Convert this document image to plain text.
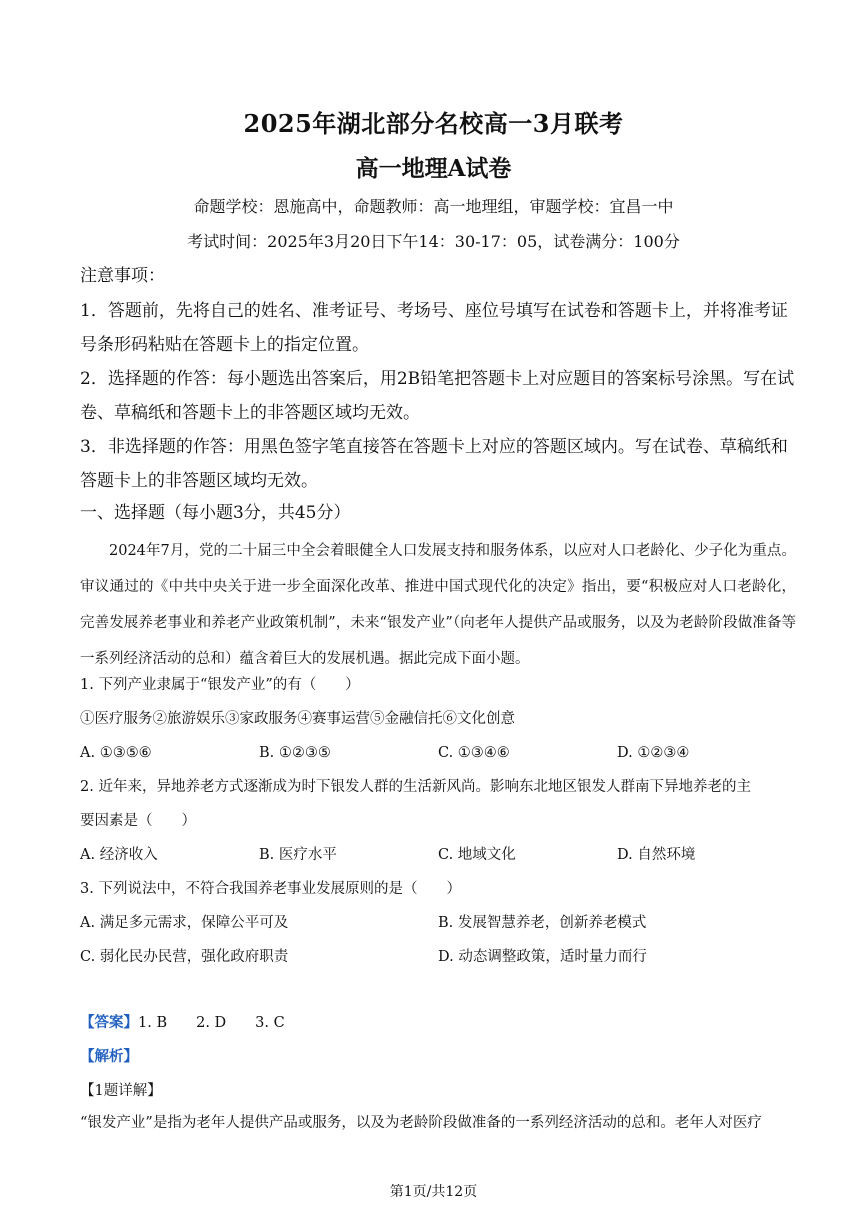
2025年湖北部分名校高一3月联考
高一地理A试卷
命题学校：恩施高中，命题教师：高一地理组，审题学校：宜昌一中
考试时间：2025年3月20日下午14：30-17：05，试卷满分：100分
注意事项：
1．答题前，先将自己的姓名、准考证号、考场号、座位号填写在试卷和答题卡上，并将准考证号条形码粘贴在答题卡上的指定位置。
2．选择题的作答：每小题选出答案后，用2B铅笔把答题卡上对应题目的答案标号涂黑。写在试卷、草稿纸和答题卡上的非答题区域均无效。
3．非选择题的作答：用黑色签字笔直接答在答题卡上对应的答题区域内。写在试卷、草稿纸和答题卡上的非答题区域均无效。
一、选择题（每小题3分，共45分）
2024年7月，党的二十届三中全会着眼健全人口发展支持和服务体系，以应对人口老龄化、少子化为重点。审议通过的《中共中央关于进一步全面深化改革、推进中国式现代化的决定》指出，要“积极应对人口老龄化，完善发展养老事业和养老产业政策机制”，未来“银发产业”（向老年人提供产品或服务，以及为老龄阶段做准备等一系列经济活动的总和）蕴含着巨大的发展机遇。据此完成下面小题。
1. 下列产业隶属于“银发产业”的有（　　）
①医疗服务②旅游娱乐③家政服务④赛事运营⑤金融信托⑥文化创意
A. ①③⑤⑥	B. ①②③⑤	C. ①③④⑥	D. ①②③④
2. 近年来，异地养老方式逐渐成为时下银发人群的生活新风尚。影响东北地区银发人群南下异地养老的主
要因素是（　　）
A. 经济收入	B. 医疗水平	C. 地域文化	D. 自然环境
3. 下列说法中，不符合我国养老事业发展原则的是（　　）
A. 满足多元需求，保障公平可及	B. 发展智慧养老，创新养老模式
C. 弱化民办民营，强化政府职责	D. 动态调整政策，适时量力而行
【答案】1. B　　2. D　　3. C
【解析】
【1题详解】
“银发产业”是指为老年人提供产品或服务，以及为老龄阶段做准备的一系列经济活动的总和。老年人对医疗
第1页/共12页
